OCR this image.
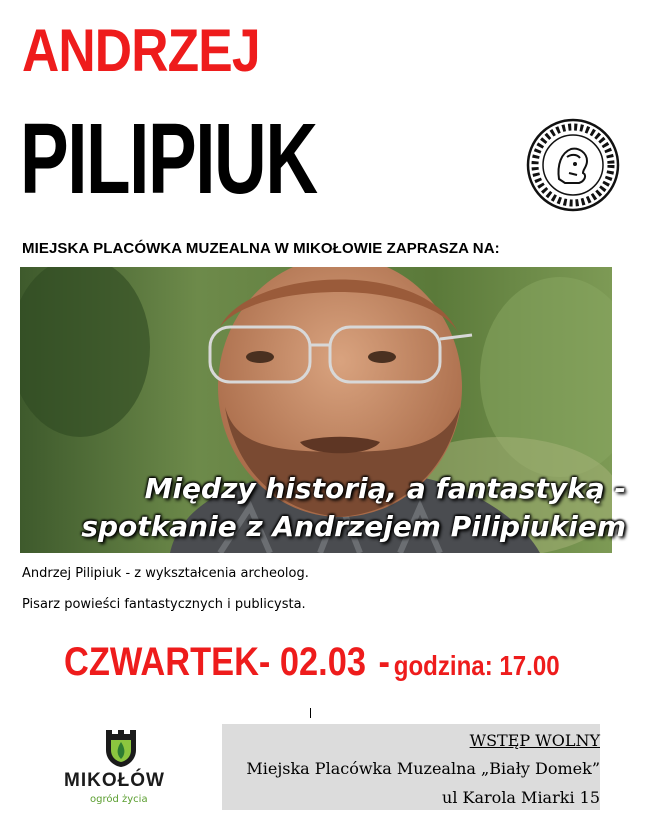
ANDRZEJ
PILIPIUK
MIEJSKA PLACÓWKA MUZEALNA W MIKOŁOWIE ZAPRASZA NA:
Między historią, a fantastyką -
spotkanie z Andrzejem Pilipiukiem
Andrzej Pilipiuk - z wykształcenia archeolog.
Pisarz powieści fantastycznych i publicysta.
CZWARTEK- 02.03 - godzina: 17.00
MIKOŁÓW
ogród życia
WSTĘP WOLNY
Miejska Placówka Muzealna „Biały Domek”
ul Karola Miarki 15
